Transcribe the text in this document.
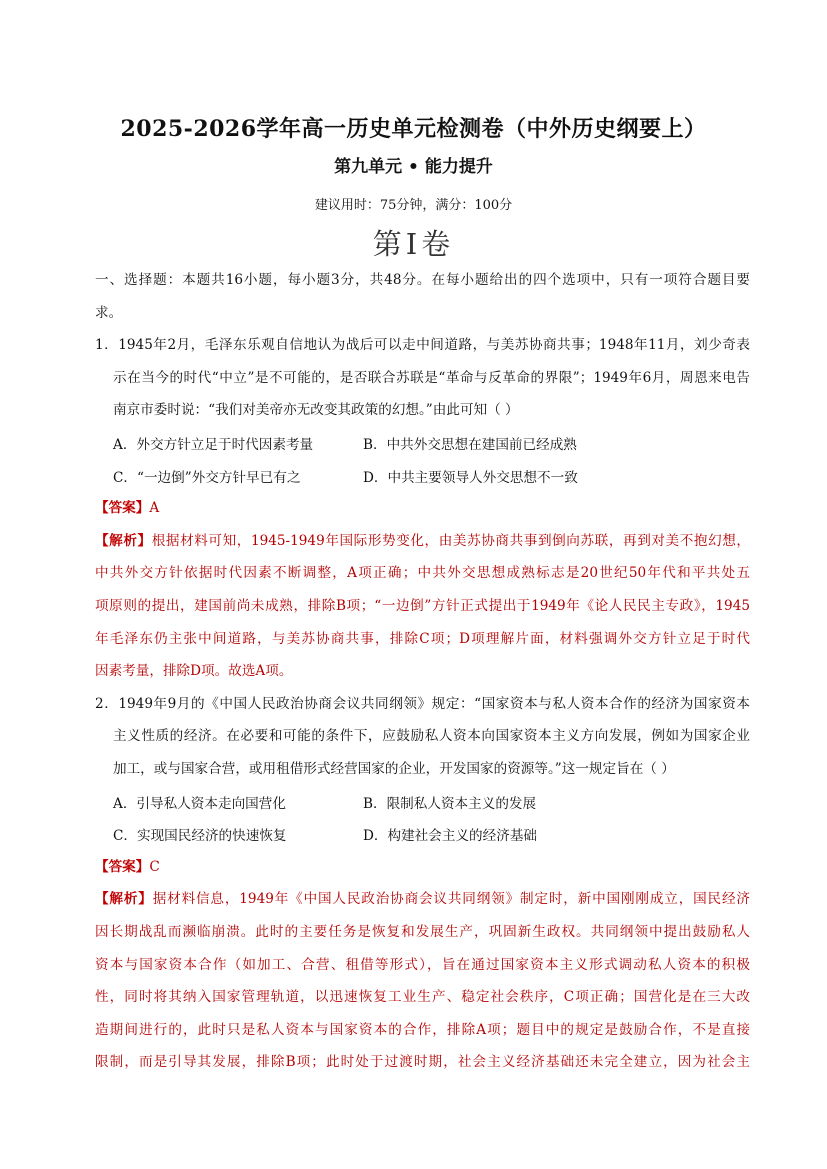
2025-2026学年高一历史单元检测卷（中外历史纲要上）
第九单元 • 能力提升
建议用时：75分钟，满分：100分
第Ⅰ卷
一、选择题：本题共16小题，每小题3分，共48分。在每小题给出的四个选项中，只有一项符合题目要
求。
1．1945年2月，毛泽东乐观自信地认为战后可以走中间道路，与美苏协商共事；1948年11月，刘少奇表
示在当今的时代“中立”是不可能的，是否联合苏联是“革命与反革命的界限”；1949年6月，周恩来电告
南京市委时说：“我们对美帝亦无改变其政策的幻想。”由此可知（ ）
A．外交方针立足于时代因素考量	B．中共外交思想在建国前已经成熟
C．“一边倒”外交方针早已有之	D．中共主要领导人外交思想不一致
【答案】A
【解析】根据材料可知，1945-1949年国际形势变化，由美苏协商共事到倒向苏联，再到对美不抱幻想，
中共外交方针依据时代因素不断调整，A项正确；中共外交思想成熟标志是20世纪50年代和平共处五
项原则的提出，建国前尚未成熟，排除B项；“一边倒”方针正式提出于1949年《论人民民主专政》，1945
年毛泽东仍主张中间道路，与美苏协商共事，排除C项；D项理解片面，材料强调外交方针立足于时代
因素考量，排除D项。故选A项。
2．1949年9月的《中国人民政治协商会议共同纲领》规定：“国家资本与私人资本合作的经济为国家资本
主义性质的经济。在必要和可能的条件下，应鼓励私人资本向国家资本主义方向发展，例如为国家企业
加工，或与国家合营，或用租借形式经营国家的企业，开发国家的资源等。”这一规定旨在（ ）
A．引导私人资本走向国营化	B．限制私人资本主义的发展
C．实现国民经济的快速恢复	D．构建社会主义的经济基础
【答案】C
【解析】据材料信息，1949年《中国人民政治协商会议共同纲领》制定时，新中国刚刚成立，国民经济
因长期战乱而濒临崩溃。此时的主要任务是恢复和发展生产，巩固新生政权。共同纲领中提出鼓励私人
资本与国家资本合作（如加工、合营、租借等形式），旨在通过国家资本主义形式调动私人资本的积极
性，同时将其纳入国家管理轨道，以迅速恢复工业生产、稳定社会秩序，C项正确；国营化是在三大改
造期间进行的，此时只是私人资本与国家资本的合作，排除A项；题目中的规定是鼓励合作，不是直接
限制，而是引导其发展，排除B项；此时处于过渡时期，社会主义经济基础还未完全建立，因为社会主
